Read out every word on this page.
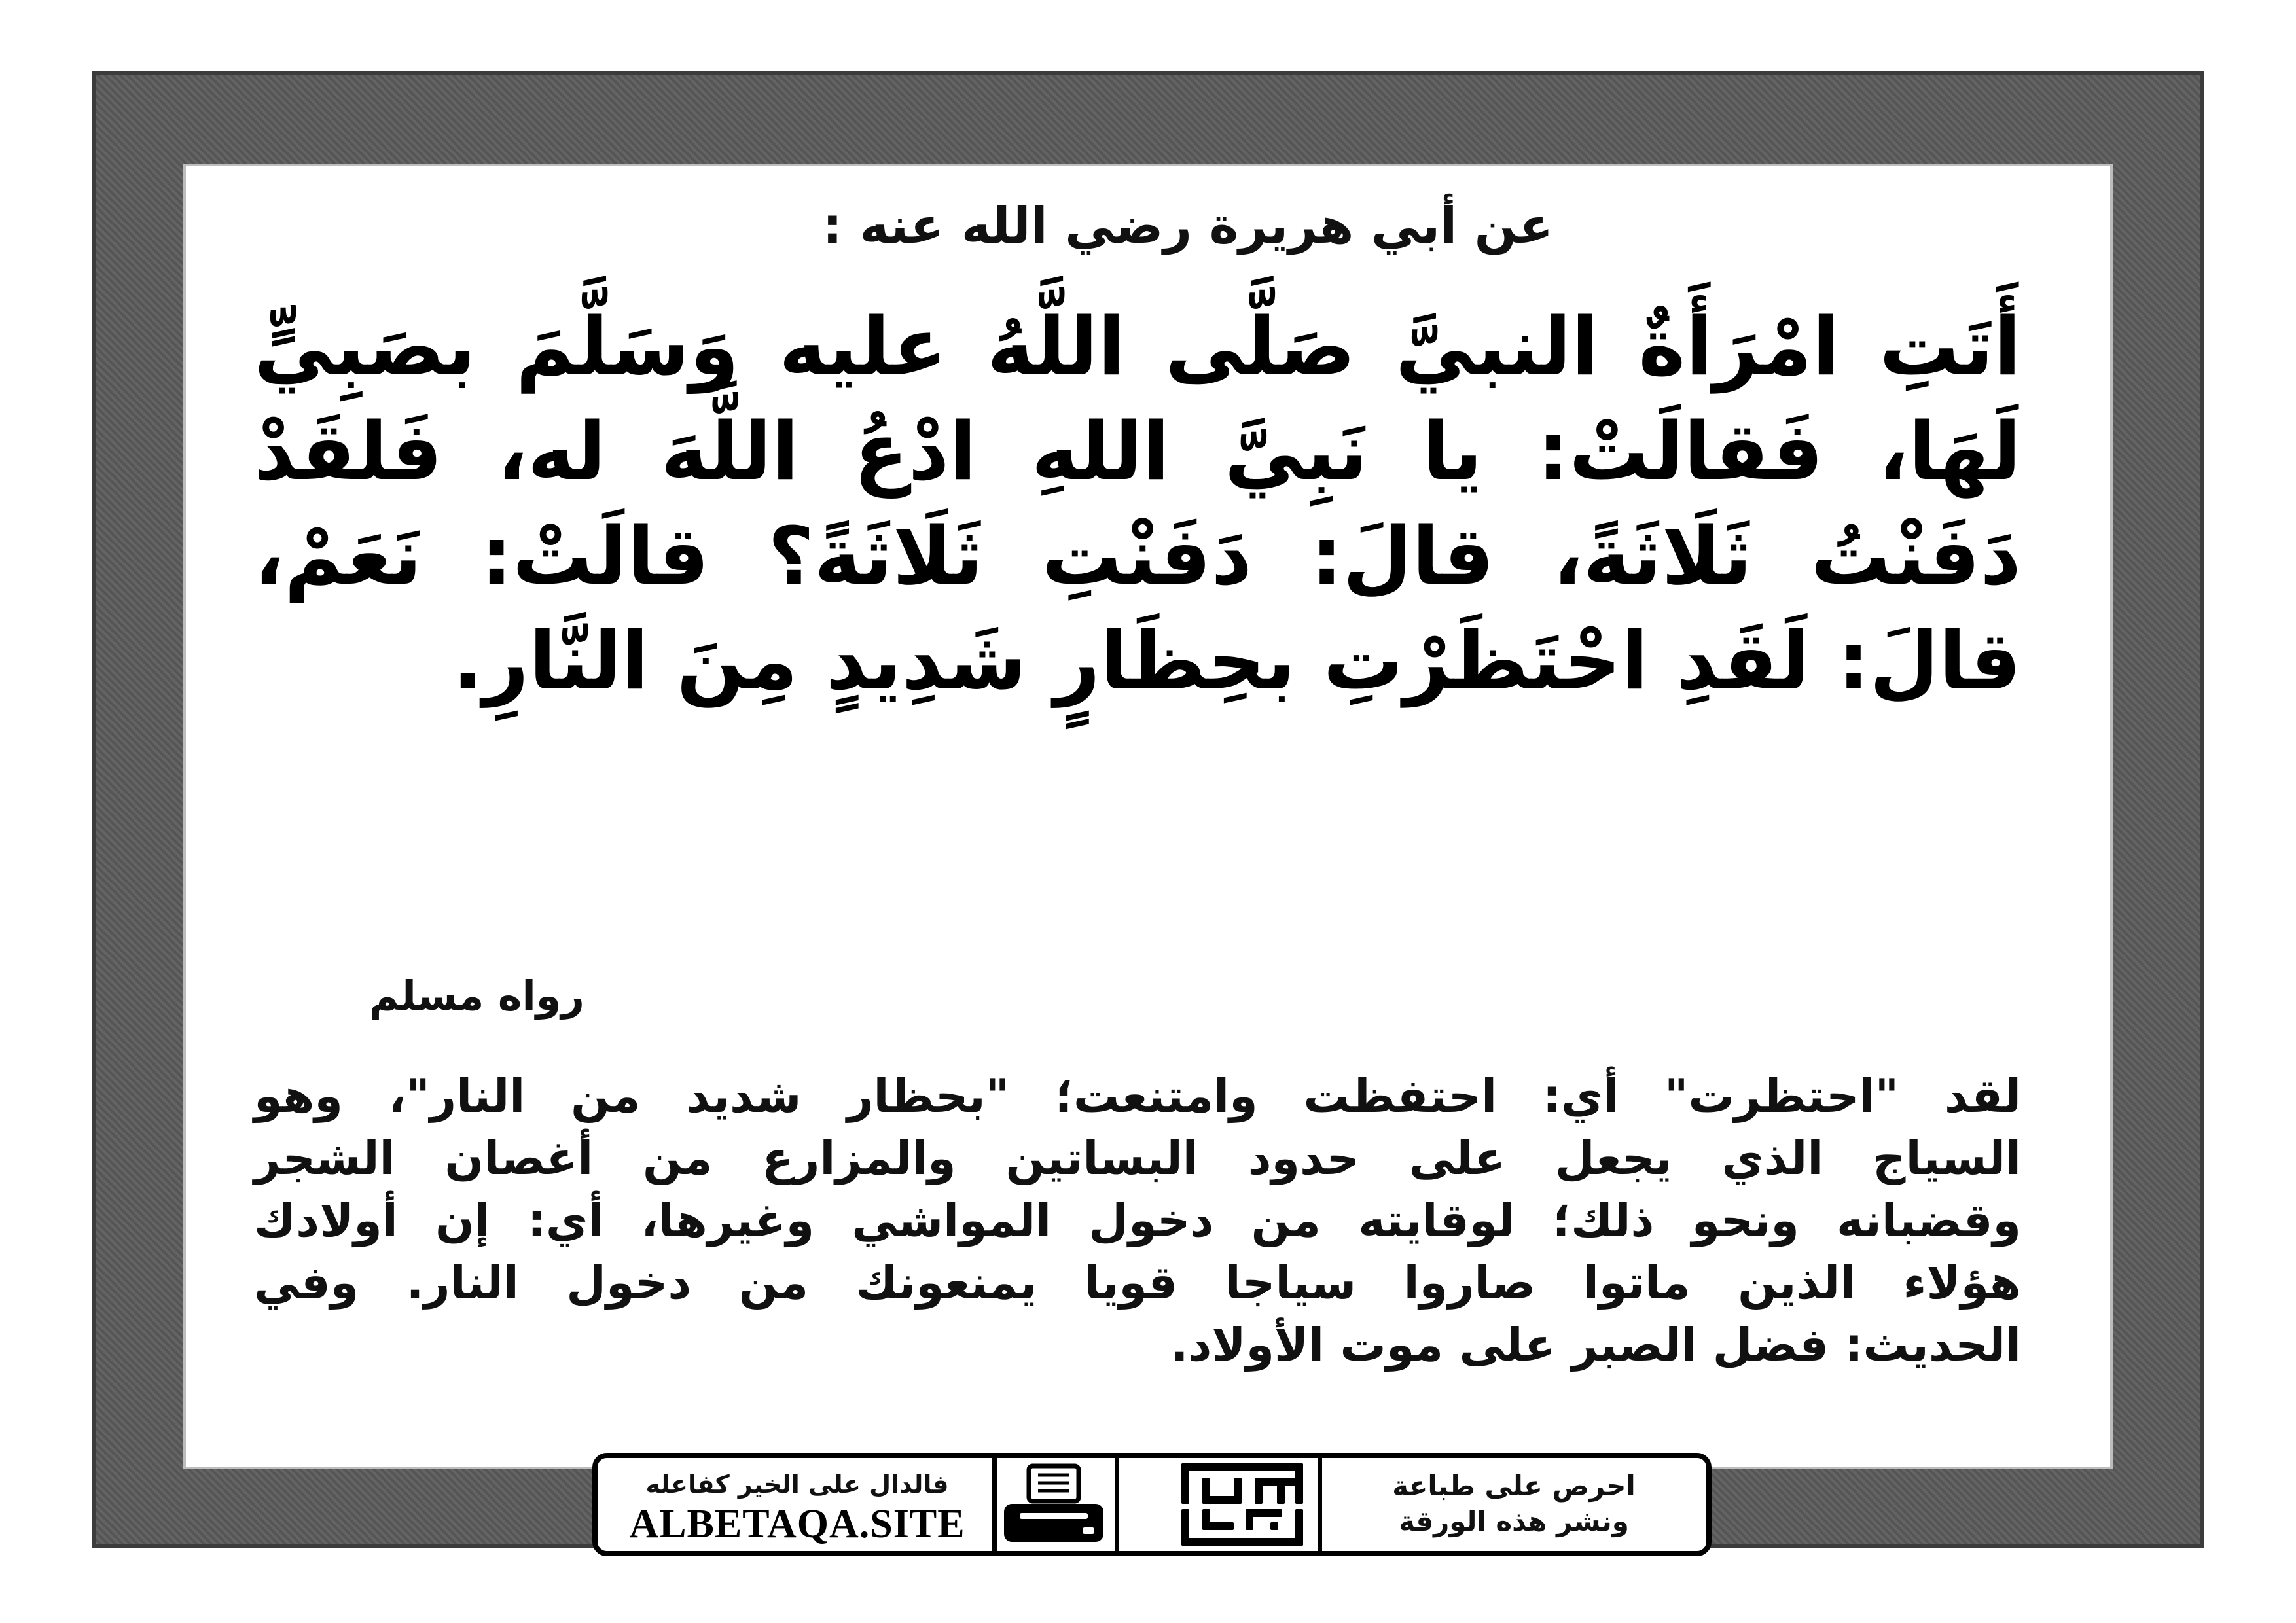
عن أبي هريرة رضي الله عنه :
أَتَتِ امْرَأَةٌ النبيَّ صَلَّى اللَّهُ عليه وَسَلَّمَ بصَبِيٍّ
لَهَا، فَقالَتْ: يا نَبِيَّ اللهِ ادْعُ اللَّهَ له، فَلقَدْ
دَفَنْتُ ثَلَاثَةً، قالَ: دَفَنْتِ ثَلَاثَةً؟ قالَتْ: نَعَمْ،
قالَ: لَقَدِ احْتَظَرْتِ بحِظَارٍ شَدِيدٍ مِنَ النَّارِ.
رواه مسلم
لقد "احتظرت" أي: احتفظت وامتنعت؛ "بحظار شديد من النار"، وهو
السياج الذي يجعل على حدود البساتين والمزارع من أغصان الشجر
وقضبانه ونحو ذلك؛ لوقايته من دخول المواشي وغيرها، أي: إن أولادك
هؤلاء الذين ماتوا صاروا سياجا قويا يمنعونك من دخول النار. وفي
الحديث: فضل الصبر على موت الأولاد.
فالدال على الخير كفاعله
ALBETAQA.SITE
احرص على طباعة
ونشر هذه الورقة
